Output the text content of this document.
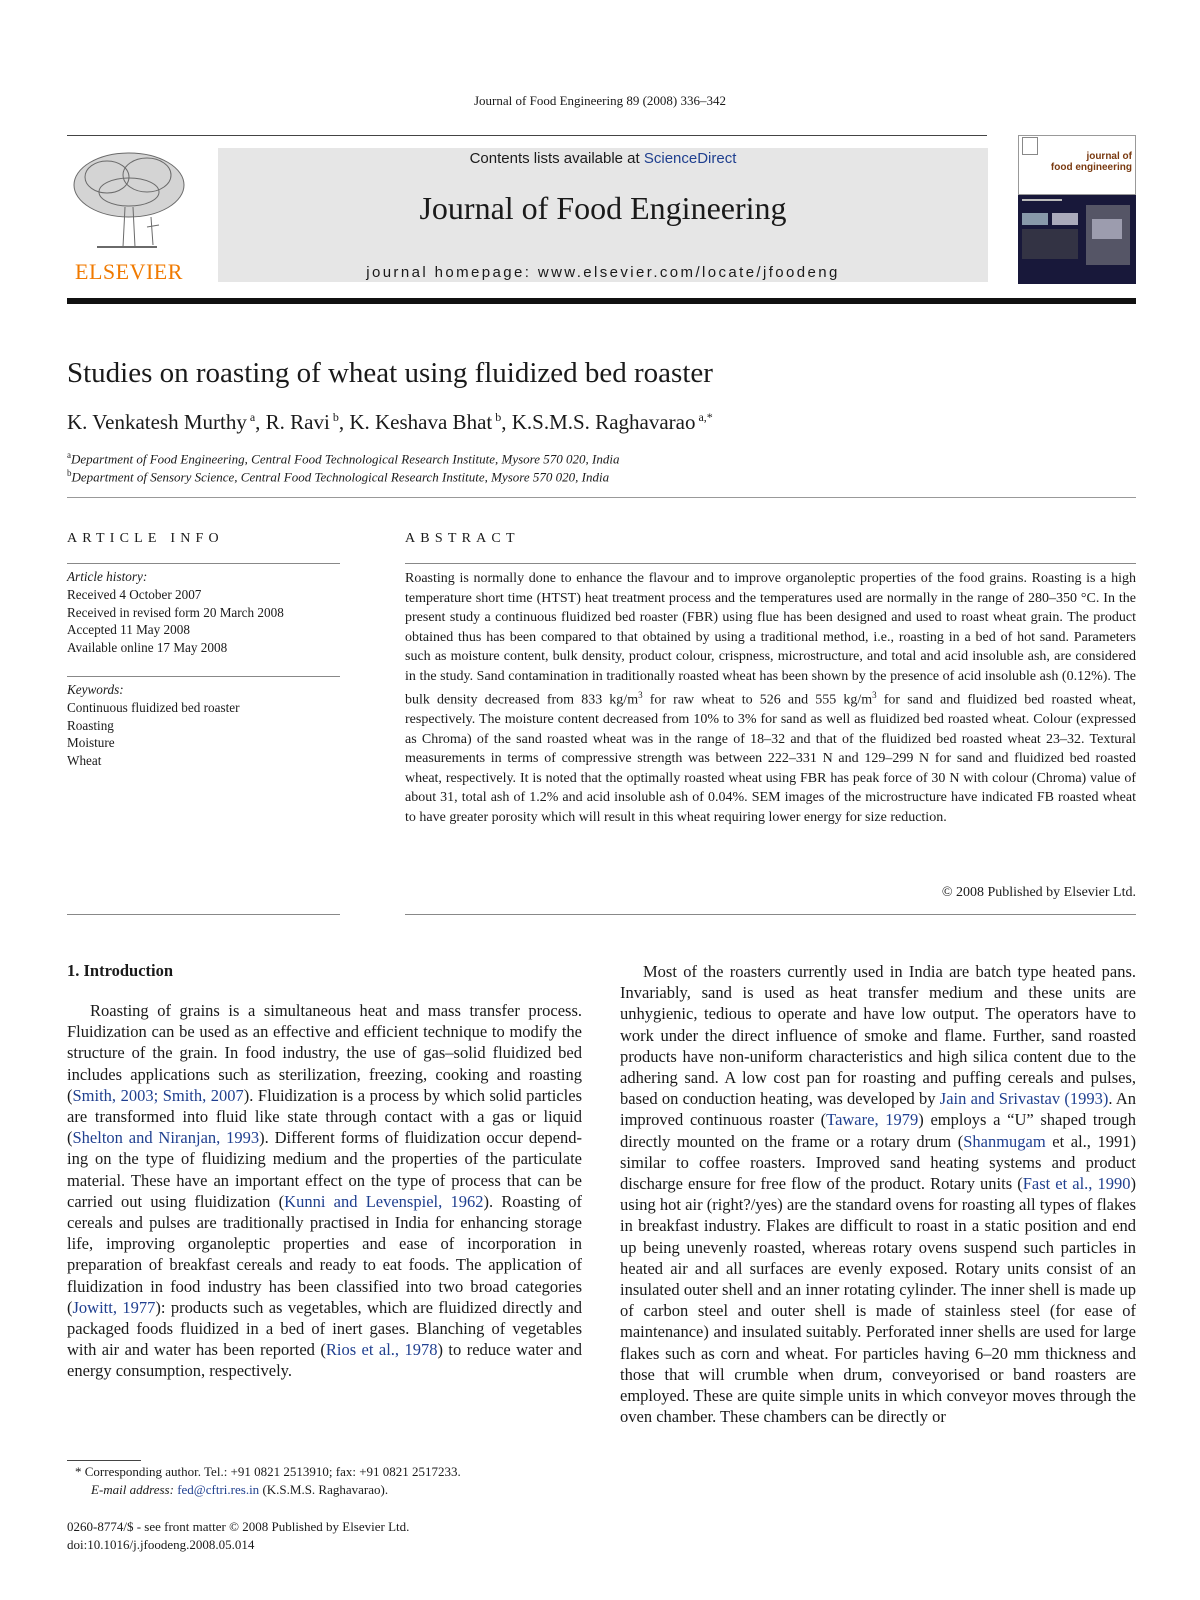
Journal of Food Engineering 89 (2008) 336–342
ELSEVIER
Contents lists available at ScienceDirect
Journal of Food Engineering
journal homepage: www.elsevier.com/locate/jfoodeng
journal of
food engineering
Studies on roasting of wheat using fluidized bed roaster
K. Venkatesh Murthy $^a$, R. Ravi $^b$, K. Keshava Bhat $^b$, K.S.M.S. Raghavarao $^{a,*}$
$^a$Department of Food Engineering, Central Food Technological Research Institute, Mysore 570 020, India
$^b$Department of Sensory Science, Central Food Technological Research Institute, Mysore 570 020, India
ARTICLE INFO	ABSTRACT
Article history:
Received 4 October 2007
Received in revised form 20 March 2008
Accepted 11 May 2008
Available online 17 May 2008
Keywords:
Continuous fluidized bed roaster
Roasting
Moisture
Wheat
Roasting is normally done to enhance the flavour and to improve organoleptic properties of the food grains. Roasting is a high temperature short time (HTST) heat treatment process and the temperatures used are normally in the range of 280–350 °C. In the present study a continuous fluidized bed roaster (FBR) using flue has been designed and used to roast wheat grain. The product obtained thus has been compared to that obtained by using a traditional method, i.e., roasting in a bed of hot sand. Parameters such as moisture content, bulk density, product colour, crispness, microstructure, and total and acid insoluble ash, are considered in the study. Sand contamination in traditionally roasted wheat has been shown by the presence of acid insoluble ash (0.12%). The bulk density decreased from 833 $kg/m^3$ for raw wheat to 526 and 555 $kg/m^3$ for sand and fluidized bed roasted wheat, respectively. The moisture content decreased from 10% to 3% for sand as well as fluidized bed roasted wheat. Colour (expressed as Chroma) of the sand roasted wheat was in the range of 18–32 and that of the fluidized bed roasted wheat 23–32. Textural measurements in terms of compressive strength was between 222–331 N and 129–299 N for sand and fluidized bed roasted wheat, respectively. It is noted that the optimally roasted wheat using FBR has peak force of 30 N with colour (Chroma) value of about 31, total ash of 1.2% and acid insoluble ash of 0.04%. SEM images of the microstructure have indicated FB roasted wheat to have greater porosity which will result in this wheat requiring lower energy for size reduction.
© 2008 Published by Elsevier Ltd.
1. Introduction
Roasting of grains is a simultaneous heat and mass transfer process. Fluidization can be used as an effective and efficient technique to modify the structure of the grain. In food industry, the use of gas–solid fluidized bed includes applications such as sterilization, freezing, cooking and roasting (Smith, 2003; Smith, 2007). Fluidization is a process by which solid particles are transformed into fluid like state through contact with a gas or liquid (Shelton and Niranjan, 1993). Different forms of fluidization occur depending on the type of fluidizing medium and the properties of the particulate material. These have an important effect on the type of process that can be carried out using fluidization (Kunni and Levenspiel, 1962). Roasting of cereals and pulses are traditionally practised in India for enhancing storage life, improving organoleptic properties and ease of incorporation in preparation of breakfast cereals and ready to eat foods. The application of fluidization in food industry has been classified into two broad categories (Jowitt, 1977): products such as vegetables, which are fluidized directly and packaged foods fluidized in a bed of inert gases. Blanching of vegetables with air and water has been reported (Rios et al., 1978) to reduce water and energy consumption, respectively.
Most of the roasters currently used in India are batch type heated pans. Invariably, sand is used as heat transfer medium and these units are unhygienic, tedious to operate and have low output. The operators have to work under the direct influence of smoke and flame. Further, sand roasted products have non-uniform characteristics and high silica content due to the adhering sand. A low cost pan for roasting and puffing cereals and pulses, based on conduction heating, was developed by Jain and Srivastav (1993). An improved continuous roaster (Taware, 1979) employs a “U” shaped trough directly mounted on the frame or a rotary drum (Shanmugam et al., 1991) similar to coffee roasters. Improved sand heating systems and product discharge ensure for free flow of the product. Rotary units (Fast et al., 1990) using hot air (right?/yes) are the standard ovens for roasting all types of flakes in breakfast industry. Flakes are difficult to roast in a static position and end up being unevenly roasted, whereas rotary ovens suspend such particles in heated air and all surfaces are evenly exposed. Rotary units consist of an insulated outer shell and an inner rotating cylinder. The inner shell is made up of carbon steel and outer shell is made of stainless steel (for ease of maintenance) and insulated suitably. Perforated inner shells are used for large flakes such as corn and wheat. For particles having 6–20 mm thickness and those that will crumble when drum, conveyorised or band roasters are employed. These are quite simple units in which conveyor moves through the oven chamber. These chambers can be directly or
* Corresponding author. Tel.: +91 0821 2513910; fax: +91 0821 2517233.
E-mail address: fed@cftri.res.in (K.S.M.S. Raghavarao).
0260-8774/$ - see front matter © 2008 Published by Elsevier Ltd.
doi:10.1016/j.jfoodeng.2008.05.014
